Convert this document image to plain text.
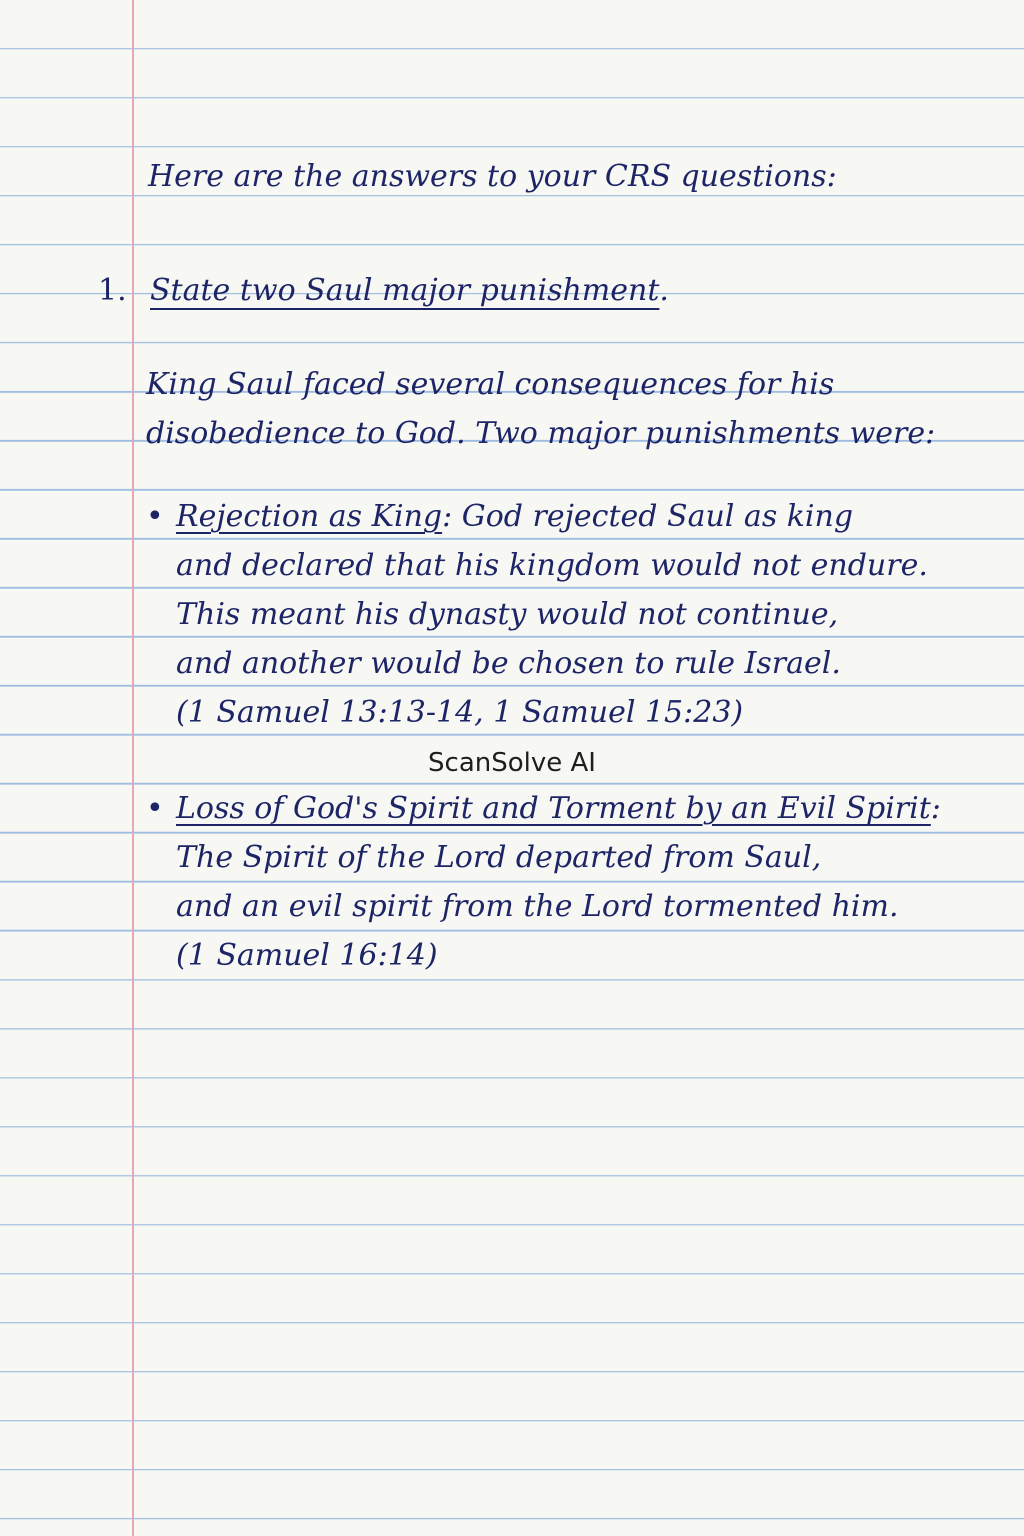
Here are the answers to your CRS questions:
1. State two Saul major punishment.
King Saul faced several consequences for his
disobedience to God. Two major punishments were:
• Rejection as King: God rejected Saul as king
and declared that his kingdom would not endure.
This meant his dynasty would not continue,
and another would be chosen to rule Israel.
(1 Samuel 13:13-14, 1 Samuel 15:23)
• Loss of God's Spirit and Torment by an Evil Spirit:
The Spirit of the Lord departed from Saul,
and an evil spirit from the Lord tormented him.
(1 Samuel 16:14)
ScanSolve AI
